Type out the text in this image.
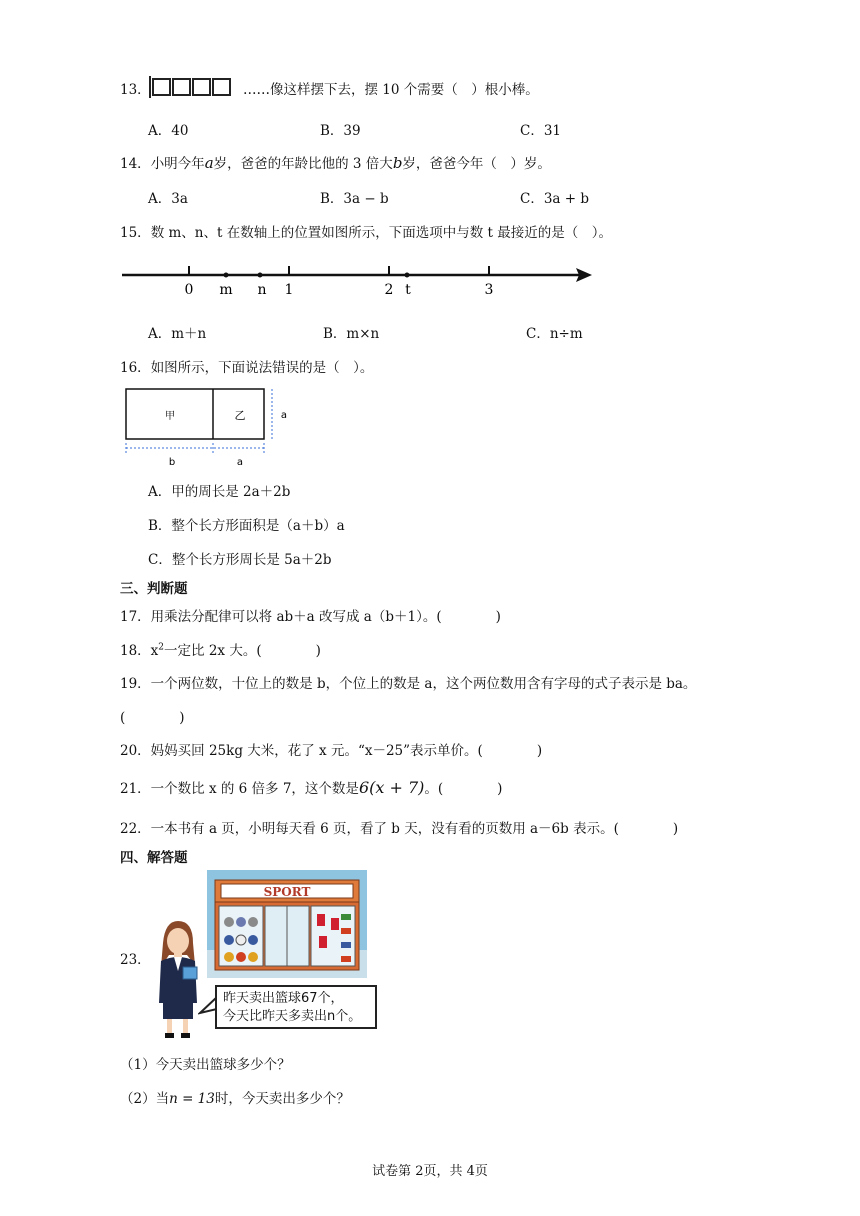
13．	……像这样摆下去，摆 10 个需要（　）根小棒。
A．40	B．39	C．31
14．小明今年a岁，爸爸的年龄比他的 3 倍大b岁，爸爸今年（　）岁。
A．3a	B．3a − b	C．3a + b
15．数 m、n、t 在数轴上的位置如图所示，下面选项中与数 t 最接近的是（　）。
0 m n 1	2 t	3
A．m＋n	B．m×n	C．n÷m
16．如图所示，下面说法错误的是（　）。
甲	乙	a
b	a
A．甲的周长是 2a＋2b
B．整个长方形面积是（a＋b）a
C．整个长方形周长是 5a＋2b
三、判断题
17．用乘法分配律可以将 ab＋a 改写成 a（b＋1）。(　　　　)
18．$x^2$一定比 2x 大。(　　　　)
19．一个两位数，十位上的数是 b，个位上的数是 a，这个两位数用含有字母的式子表示是 ba。
(　　　　)
20．妈妈买回 25kg 大米，花了 x 元。“x－25”表示单价。(　　　　)
21．一个数比 x 的 6 倍多 7，这个数是6(x + 7)。(　　　　)
22．一本书有 a 页，小明每天看 6 页，看了 b 天，没有看的页数用 a－6b 表示。(　　　　)
四、解答题
23．
SPORT
昨天卖出篮球67个，
今天比昨天多卖出n个。
（1）今天卖出篮球多少个？
（2）当n = 13时，今天卖出多少个？
试卷第 2页，共 4页
